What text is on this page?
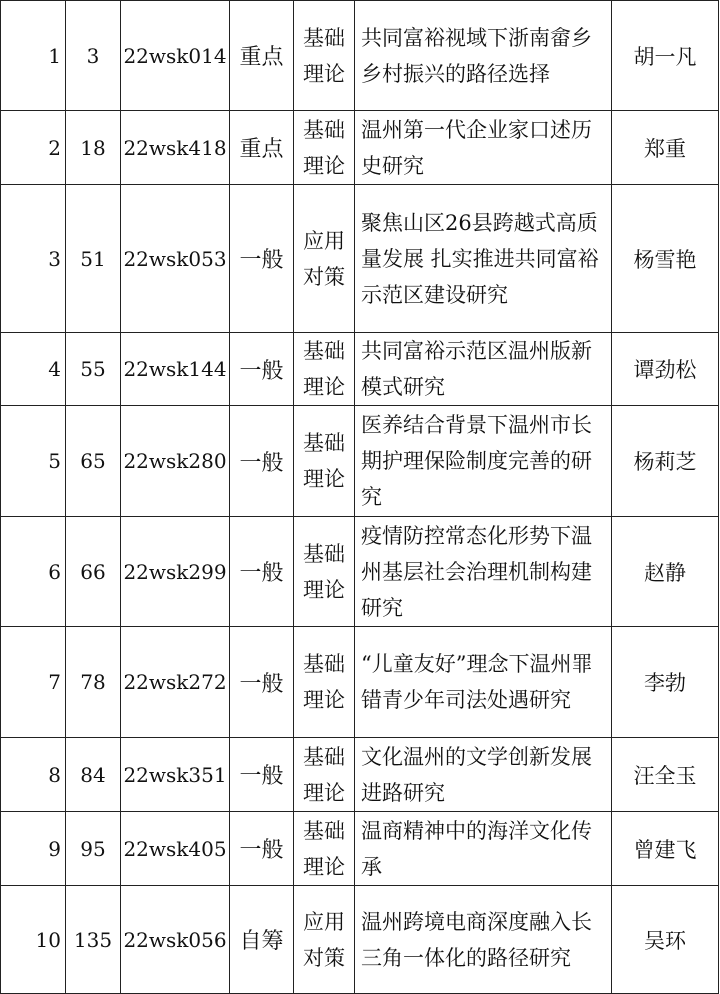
1	3	22wsk014	重点	基础理论	共同富裕视域下浙南畲乡乡村振兴的路径选择	胡一凡
2	18	22wsk418	重点	基础理论	温州第一代企业家口述历史研究	郑重
3	51	22wsk053	一般	应用对策	聚焦山区26县跨越式高质量发展 扎实推进共同富裕示范区建设研究	杨雪艳
4	55	22wsk144	一般	基础理论	共同富裕示范区温州版新模式研究	谭劲松
5	65	22wsk280	一般	基础理论	医养结合背景下温州市长期护理保险制度完善的研究	杨莉芝
6	66	22wsk299	一般	基础理论	疫情防控常态化形势下温州基层社会治理机制构建研究	赵静
7	78	22wsk272	一般	基础理论	“儿童友好”理念下温州罪错青少年司法处遇研究	李勃
8	84	22wsk351	一般	基础理论	文化温州的文学创新发展进路研究	汪全玉
9	95	22wsk405	一般	基础理论	温商精神中的海洋文化传承	曾建飞
10	135	22wsk056	自筹	应用对策	温州跨境电商深度融入长三角一体化的路径研究	吴环
